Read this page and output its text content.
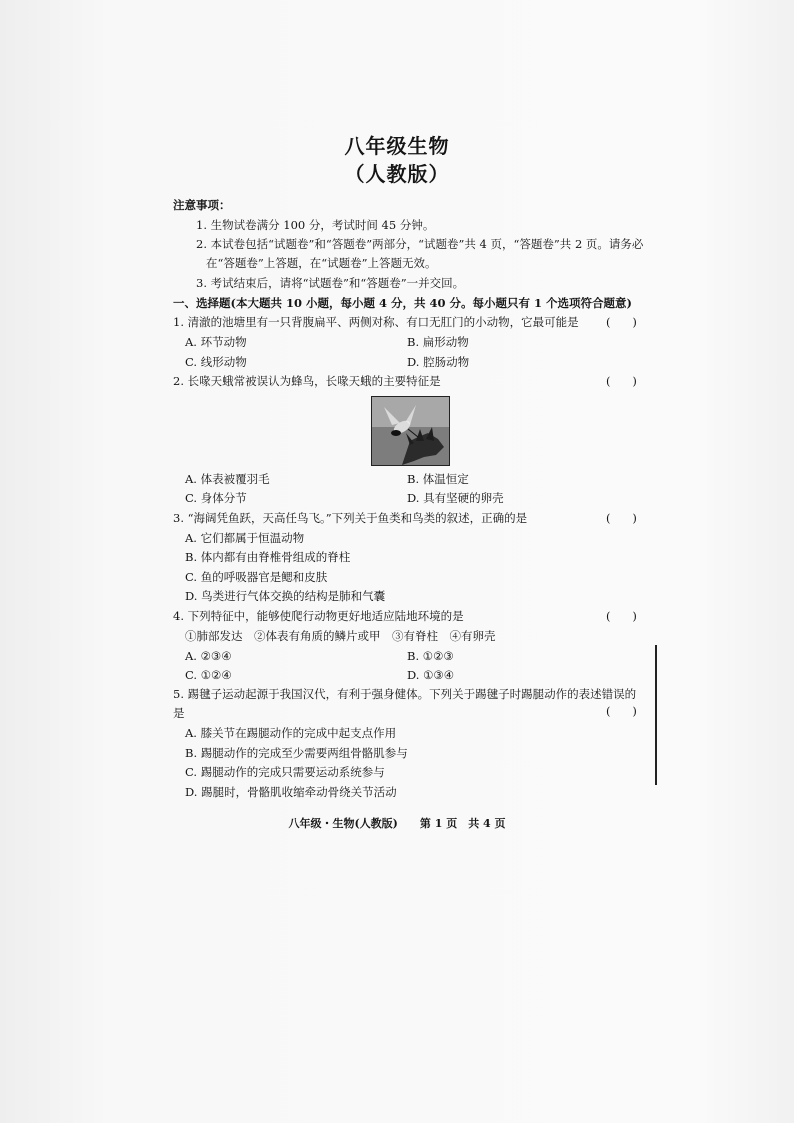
八年级生物
（人教版）
注意事项：
1. 生物试卷满分 100 分，考试时间 45 分钟。
2. 本试卷包括“试题卷”和“答题卷”两部分，“试题卷”共 4 页，“答题卷”共 2 页。请务必
在“答题卷”上答题，在“试题卷”上答题无效。
3. 考试结束后，请将“试题卷”和“答题卷”一并交回。
一、选择题(本大题共 10 小题，每小题 4 分，共 40 分。每小题只有 1 个选项符合题意)
1. 清澈的池塘里有一只背腹扁平、两侧对称、有口无肛门的小动物，它最可能是 (      )
A. 环节动物	B. 扁形动物
C. 线形动物	D. 腔肠动物
2. 长喙天蛾常被误认为蜂鸟，长喙天蛾的主要特征是	(      )
A. 体表被覆羽毛	B. 体温恒定
C. 身体分节	D. 具有坚硬的卵壳
3. “海阔凭鱼跃，天高任鸟飞。”下列关于鱼类和鸟类的叙述，正确的是	(      )
A. 它们都属于恒温动物
B. 体内都有由脊椎骨组成的脊柱
C. 鱼的呼吸器官是鳃和皮肤
D. 鸟类进行气体交换的结构是肺和气囊
4. 下列特征中，能够使爬行动物更好地适应陆地环境的是	(      )
①肺部发达　②体表有角质的鳞片或甲　③有脊柱　④有卵壳
A. ②③④	B. ①②③
C. ①②④	D. ①③④
5. 踢毽子运动起源于我国汉代，有利于强身健体。下列关于踢毽子时踢腿动作的表述错误的
是	(      )
A. 膝关节在踢腿动作的完成中起支点作用
B. 踢腿动作的完成至少需要两组骨骼肌参与
C. 踢腿动作的完成只需要运动系统参与
D. 踢腿时，骨骼肌收缩牵动骨绕关节活动
八年级・生物(人教版)　　第 1 页　共 4 页
